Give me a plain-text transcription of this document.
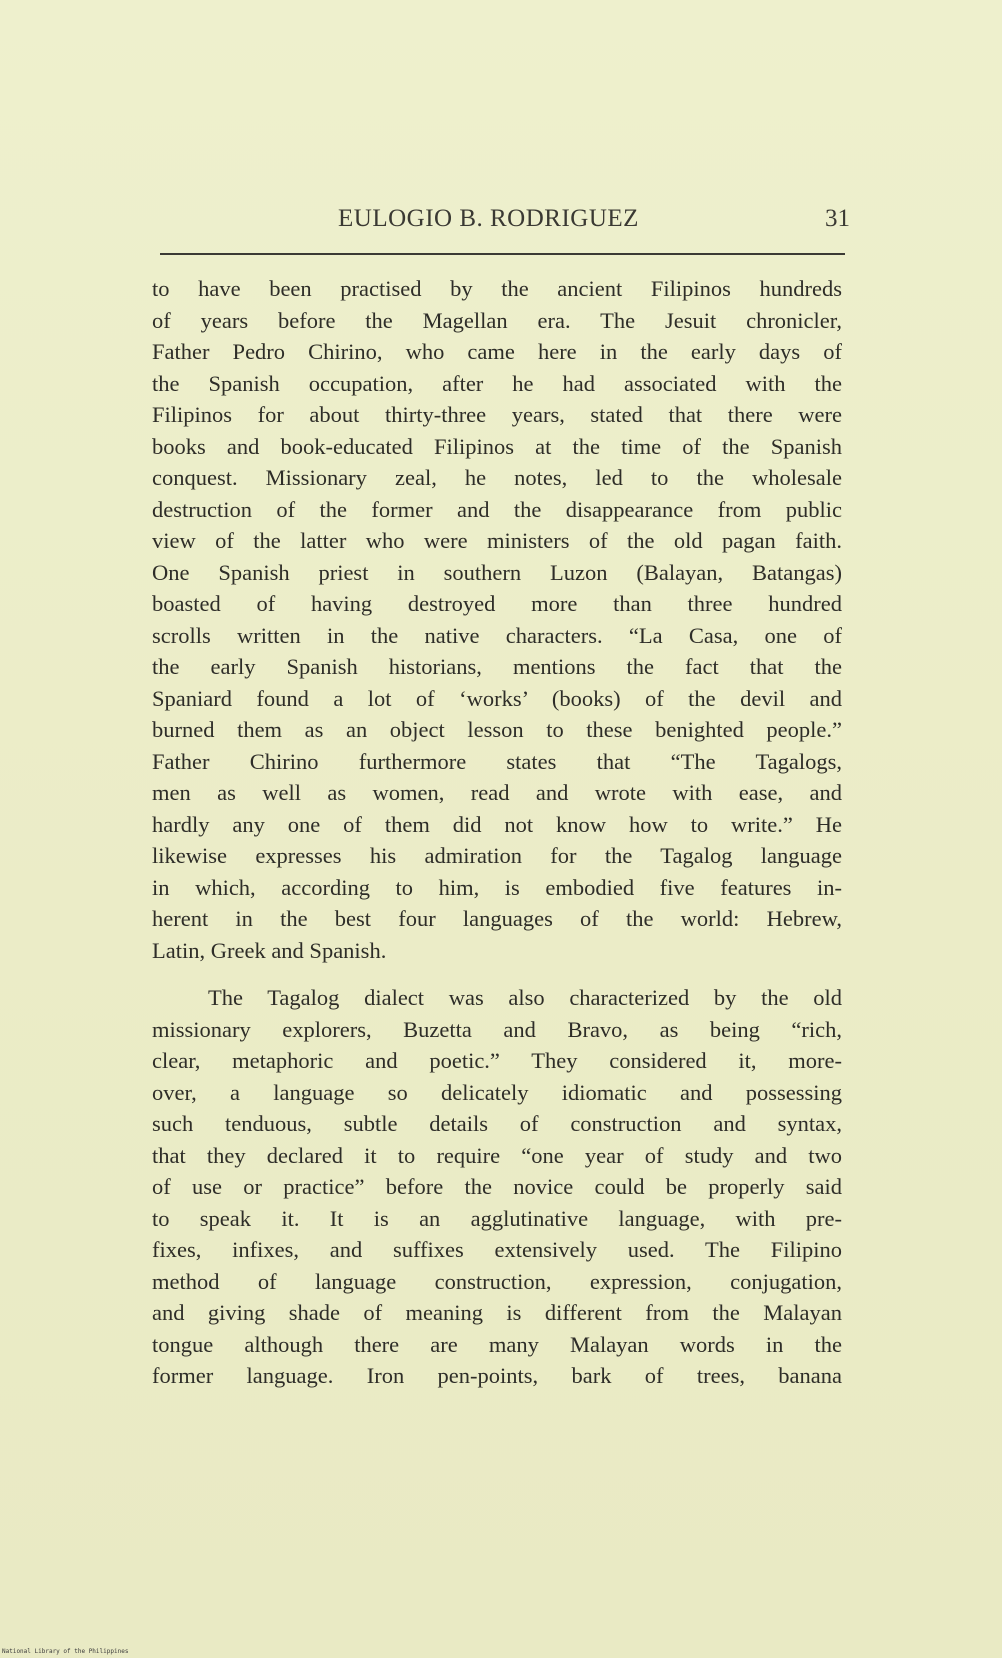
EULOGIO B. RODRIGUEZ	31

to have been practised by the ancient Filipinos hundreds
of years before the Magellan era. The Jesuit chronicler,
Father Pedro Chirino, who came here in the early days of
the Spanish occupation, after he had associated with the
Filipinos for about thirty-three years, stated that there were
books and book-educated Filipinos at the time of the Spanish
conquest. Missionary zeal, he notes, led to the wholesale
destruction of the former and the disappearance from public
view of the latter who were ministers of the old pagan faith.
One Spanish priest in southern Luzon (Balayan, Batangas)
boasted of having destroyed more than three hundred
scrolls written in the native characters. “La Casa, one of
the early Spanish historians, mentions the fact that the
Spaniard found a lot of ‘works’ (books) of the devil and
burned them as an object lesson to these benighted people.”
Father Chirino furthermore states that “The Tagalogs,
men as well as women, read and wrote with ease, and
hardly any one of them did not know how to write.” He
likewise expresses his admiration for the Tagalog language
in which, according to him, is embodied five features in-
herent in the best four languages of the world: Hebrew,
Latin, Greek and Spanish.

The Tagalog dialect was also characterized by the old
missionary explorers, Buzetta and Bravo, as being “rich,
clear, metaphoric and poetic.” They considered it, more-
over, a language so delicately idiomatic and possessing
such tenduous, subtle details of construction and syntax,
that they declared it to require “one year of study and two
of use or practice” before the novice could be properly said
to speak it. It is an agglutinative language, with pre-
fixes, infixes, and suffixes extensively used. The Filipino
method of language construction, expression, conjugation,
and giving shade of meaning is different from the Malayan
tongue although there are many Malayan words in the
former language. Iron pen-points, bark of trees, banana

National Library of the Philippines
